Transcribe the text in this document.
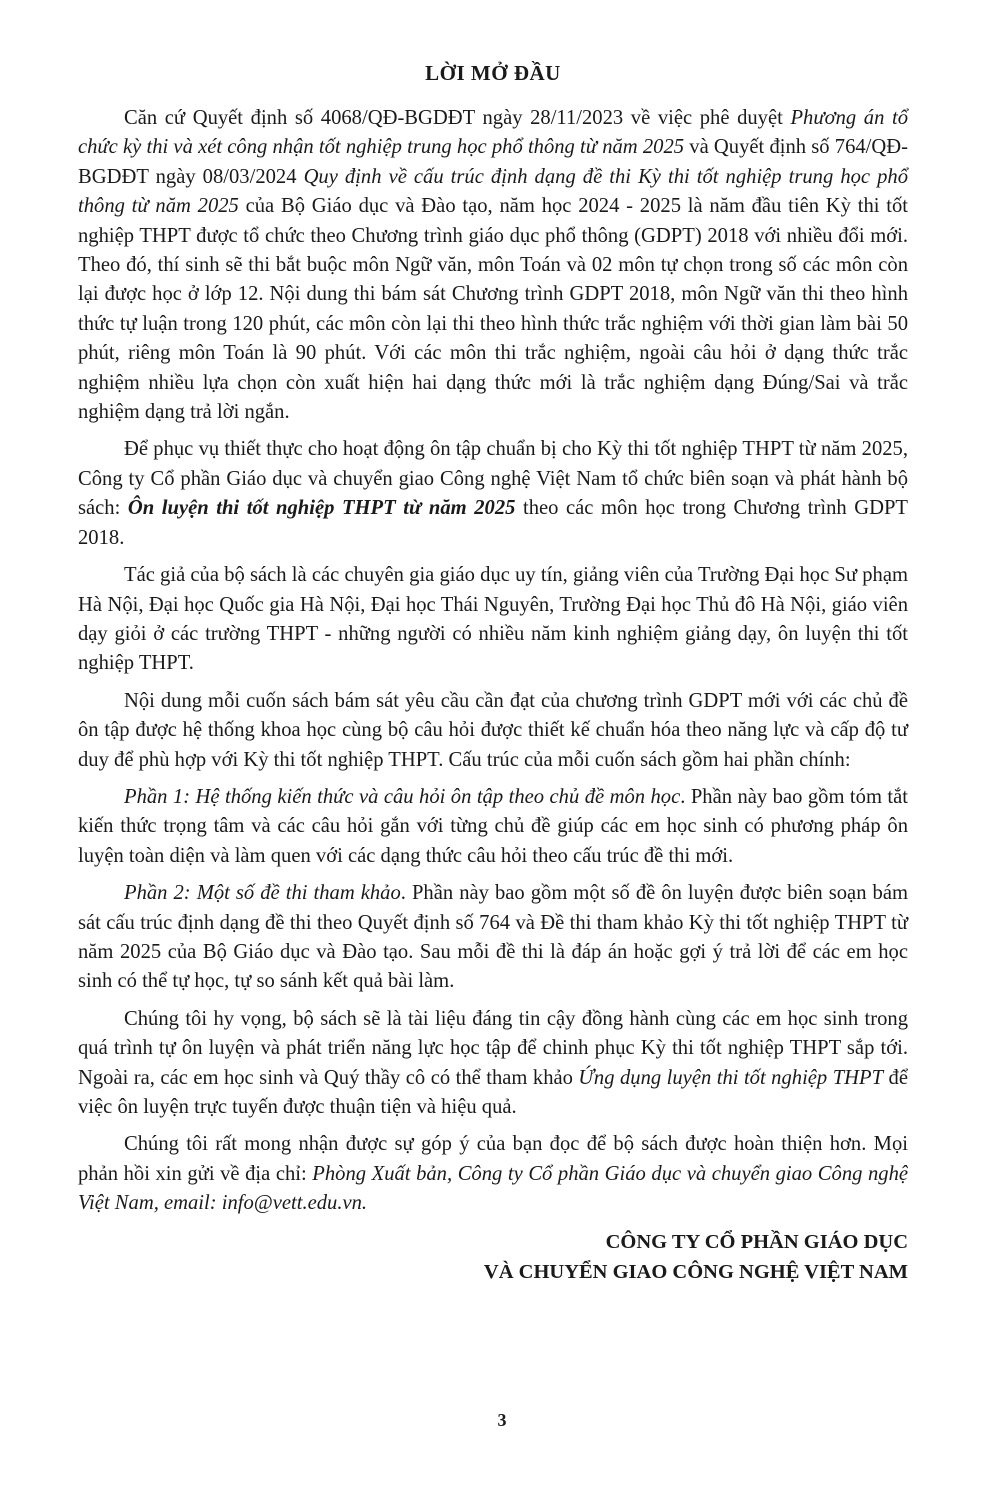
LỜI MỞ ĐẦU

Căn cứ Quyết định số 4068/QĐ-BGDĐT ngày 28/11/2023 về việc phê duyệt Phương án tổ chức kỳ thi và xét công nhận tốt nghiệp trung học phổ thông từ năm 2025 và Quyết định số 764/QĐ-BGDĐT ngày 08/03/2024 Quy định về cấu trúc định dạng đề thi Kỳ thi tốt nghiệp trung học phổ thông từ năm 2025 của Bộ Giáo dục và Đào tạo, năm học 2024 - 2025 là năm đầu tiên Kỳ thi tốt nghiệp THPT được tổ chức theo Chương trình giáo dục phổ thông (GDPT) 2018 với nhiều đổi mới. Theo đó, thí sinh sẽ thi bắt buộc môn Ngữ văn, môn Toán và 02 môn tự chọn trong số các môn còn lại được học ở lớp 12. Nội dung thi bám sát Chương trình GDPT 2018, môn Ngữ văn thi theo hình thức tự luận trong 120 phút, các môn còn lại thi theo hình thức trắc nghiệm với thời gian làm bài 50 phút, riêng môn Toán là 90 phút. Với các môn thi trắc nghiệm, ngoài câu hỏi ở dạng thức trắc nghiệm nhiều lựa chọn còn xuất hiện hai dạng thức mới là trắc nghiệm dạng Đúng/Sai và trắc nghiệm dạng trả lời ngắn.

Để phục vụ thiết thực cho hoạt động ôn tập chuẩn bị cho Kỳ thi tốt nghiệp THPT từ năm 2025, Công ty Cổ phần Giáo dục và chuyển giao Công nghệ Việt Nam tổ chức biên soạn và phát hành bộ sách: Ôn luyện thi tốt nghiệp THPT từ năm 2025 theo các môn học trong Chương trình GDPT 2018.

Tác giả của bộ sách là các chuyên gia giáo dục uy tín, giảng viên của Trường Đại học Sư phạm Hà Nội, Đại học Quốc gia Hà Nội, Đại học Thái Nguyên, Trường Đại học Thủ đô Hà Nội, giáo viên dạy giỏi ở các trường THPT - những người có nhiều năm kinh nghiệm giảng dạy, ôn luyện thi tốt nghiệp THPT.

Nội dung mỗi cuốn sách bám sát yêu cầu cần đạt của chương trình GDPT mới với các chủ đề ôn tập được hệ thống khoa học cùng bộ câu hỏi được thiết kế chuẩn hóa theo năng lực và cấp độ tư duy để phù hợp với Kỳ thi tốt nghiệp THPT. Cấu trúc của mỗi cuốn sách gồm hai phần chính:

Phần 1: Hệ thống kiến thức và câu hỏi ôn tập theo chủ đề môn học. Phần này bao gồm tóm tắt kiến thức trọng tâm và các câu hỏi gắn với từng chủ đề giúp các em học sinh có phương pháp ôn luyện toàn diện và làm quen với các dạng thức câu hỏi theo cấu trúc đề thi mới.

Phần 2: Một số đề thi tham khảo. Phần này bao gồm một số đề ôn luyện được biên soạn bám sát cấu trúc định dạng đề thi theo Quyết định số 764 và Đề thi tham khảo Kỳ thi tốt nghiệp THPT từ năm 2025 của Bộ Giáo dục và Đào tạo. Sau mỗi đề thi là đáp án hoặc gợi ý trả lời để các em học sinh có thể tự học, tự so sánh kết quả bài làm.

Chúng tôi hy vọng, bộ sách sẽ là tài liệu đáng tin cậy đồng hành cùng các em học sinh trong quá trình tự ôn luyện và phát triển năng lực học tập để chinh phục Kỳ thi tốt nghiệp THPT sắp tới. Ngoài ra, các em học sinh và Quý thầy cô có thể tham khảo Ứng dụng luyện thi tốt nghiệp THPT để việc ôn luyện trực tuyến được thuận tiện và hiệu quả.

Chúng tôi rất mong nhận được sự góp ý của bạn đọc để bộ sách được hoàn thiện hơn. Mọi phản hồi xin gửi về địa chỉ: Phòng Xuất bản, Công ty Cổ phần Giáo dục và chuyển giao Công nghệ Việt Nam, email: info@vett.edu.vn.

CÔNG TY CỔ PHẦN GIÁO DỤC
VÀ CHUYỂN GIAO CÔNG NGHỆ VIỆT NAM
3
